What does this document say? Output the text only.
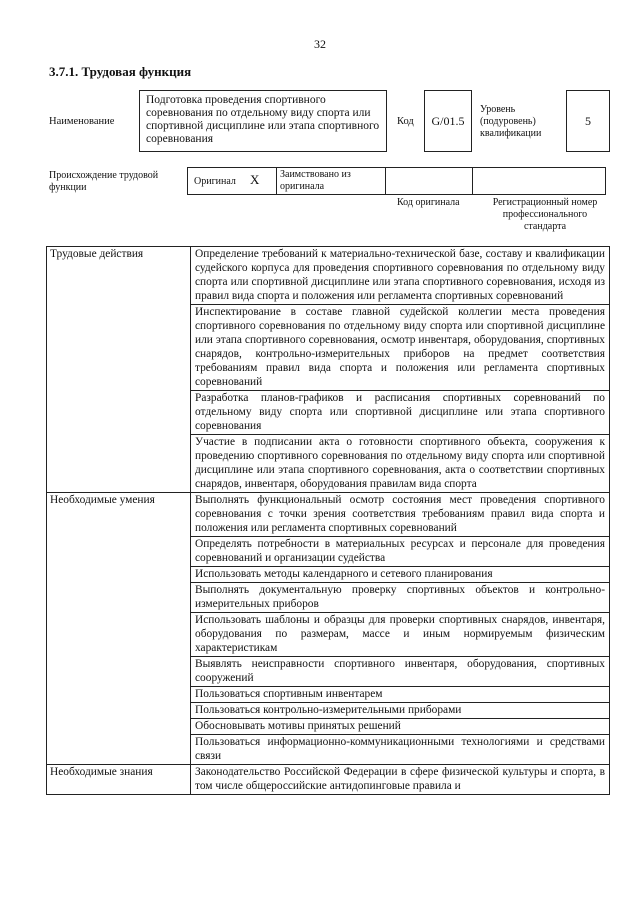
32
3.7.1. Трудовая функция
Наименование
Подготовка проведения спортивного соревнования по отдельному виду спорта или спортивной дисциплине или этапа спортивного соревнования
Код G/01.5
Уровень (подуровень) квалификации
5
Происхождение трудовой функции
Оригинал X	Заимствовано из оригинала
Код оригинала	Регистрационный номер профессионального стандарта
Трудовые действия	Определение требований к материально-технической базе, составу и квалификации судейского корпуса для проведения спортивного соревнования по отдельному виду спорта или спортивной дисциплине или этапа спортивного соревнования, исходя из правил вида спорта и положения или регламента спортивных соревнований
	Инспектирование в составе главной судейской коллегии места проведения спортивного соревнования по отдельному виду спорта или спортивной дисциплине или этапа спортивного соревнования, осмотр инвентаря, оборудования, спортивных снарядов, контрольно-измерительных приборов на предмет соответствия требованиям правил вида спорта и положения или регламента спортивных соревнований
	Разработка планов-графиков и расписания спортивных соревнований по отдельному виду спорта или спортивной дисциплине или этапа спортивного соревнования
	Участие в подписании акта о готовности спортивного объекта, сооружения к проведению спортивного соревнования по отдельному виду спорта или спортивной дисциплине или этапа спортивного соревнования, акта о соответствии спортивных снарядов, инвентаря, оборудования правилам вида спорта
Необходимые умения	Выполнять функциональный осмотр состояния мест проведения спортивного соревнования с точки зрения соответствия требованиям правил вида спорта и положения или регламента спортивных соревнований
	Определять потребности в материальных ресурсах и персонале для проведения соревнований и организации судейства
	Использовать методы календарного и сетевого планирования
	Выполнять документальную проверку спортивных объектов и контрольно-измерительных приборов
	Использовать шаблоны и образцы для проверки спортивных снарядов, инвентаря, оборудования по размерам, массе и иным нормируемым физическим характеристикам
	Выявлять неисправности спортивного инвентаря, оборудования, спортивных сооружений
	Пользоваться спортивным инвентарем
	Пользоваться контрольно-измерительными приборами
	Обосновывать мотивы принятых решений
	Пользоваться информационно-коммуникационными технологиями и средствами связи
Необходимые знания	Законодательство Российской Федерации в сфере физической культуры и спорта, в том числе общероссийские антидопинговые правила и
